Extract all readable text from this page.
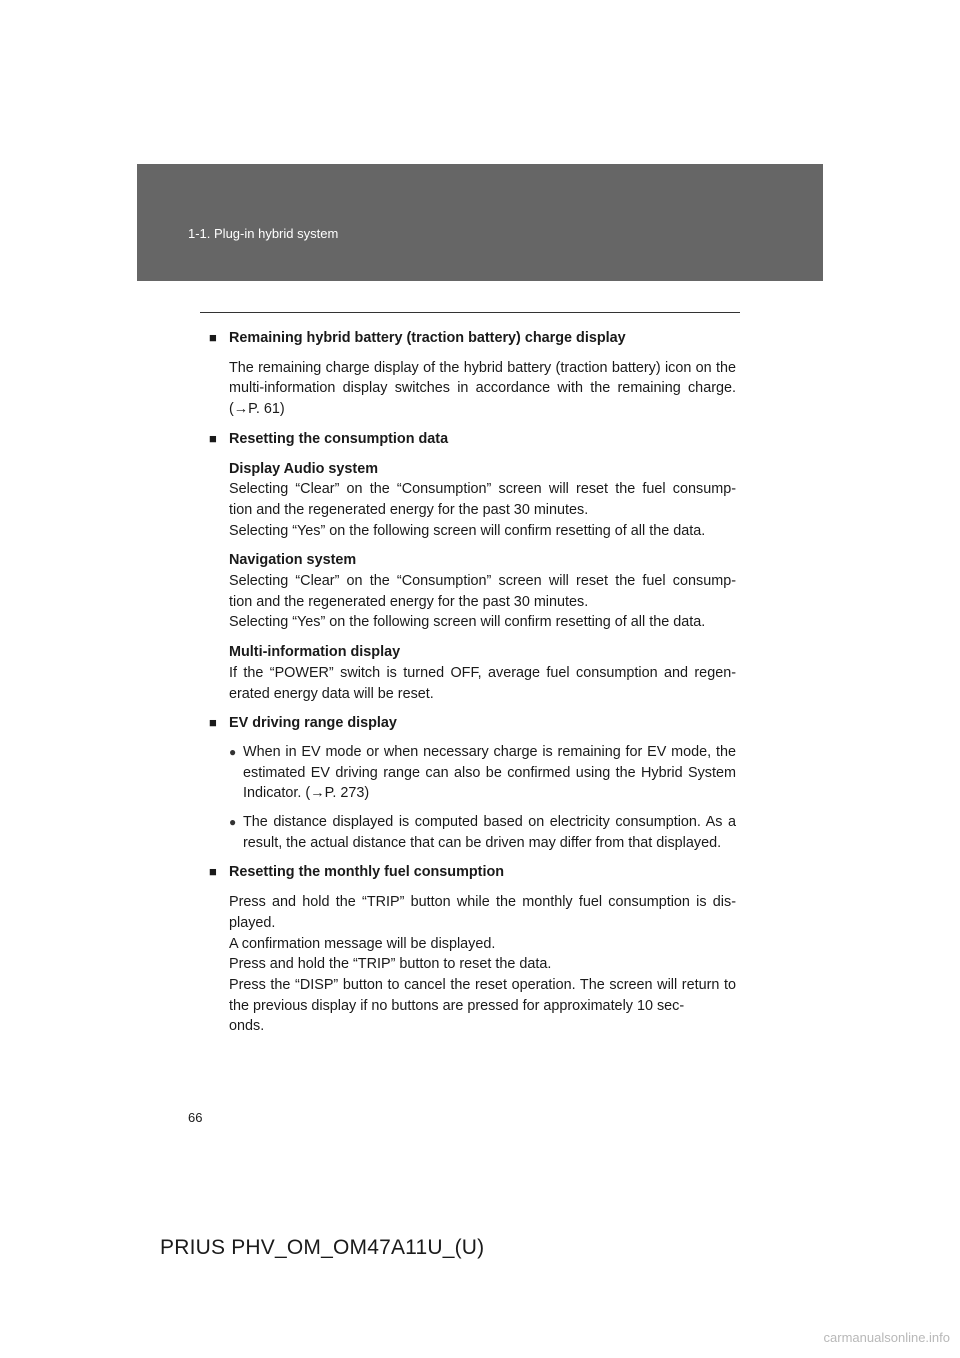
1-1. Plug-in hybrid system
■ Remaining hybrid battery (traction battery) charge display
The remaining charge display of the hybrid battery (traction battery) icon on the multi-information display switches in accordance with the remaining charge. (→P. 61)
■ Resetting the consumption data
Display Audio system
Selecting “Clear” on the “Consumption” screen will reset the fuel consump-
tion and the regenerated energy for the past 30 minutes.
Selecting “Yes” on the following screen will confirm resetting of all the data.
Navigation system
Selecting “Clear” on the “Consumption” screen will reset the fuel consump-
tion and the regenerated energy for the past 30 minutes.
Selecting “Yes” on the following screen will confirm resetting of all the data.
Multi-information display
If the “POWER” switch is turned OFF, average fuel consumption and regen-
erated energy data will be reset.
■ EV driving range display
● When in EV mode or when necessary charge is remaining for EV mode, the estimated EV driving range can also be confirmed using the Hybrid System Indicator. (→P. 273)
● The distance displayed is computed based on electricity consumption. As a result, the actual distance that can be driven may differ from that displayed.
■ Resetting the monthly fuel consumption
Press and hold the “TRIP” button while the monthly fuel consumption is dis-
played.
A confirmation message will be displayed.
Press and hold the “TRIP” button to reset the data.
Press the “DISP” button to cancel the reset operation. The screen will return to the previous display if no buttons are pressed for approximately 10 sec-
onds.
66
PRIUS PHV_OM_OM47A11U_(U)
carmanualsonline.info
